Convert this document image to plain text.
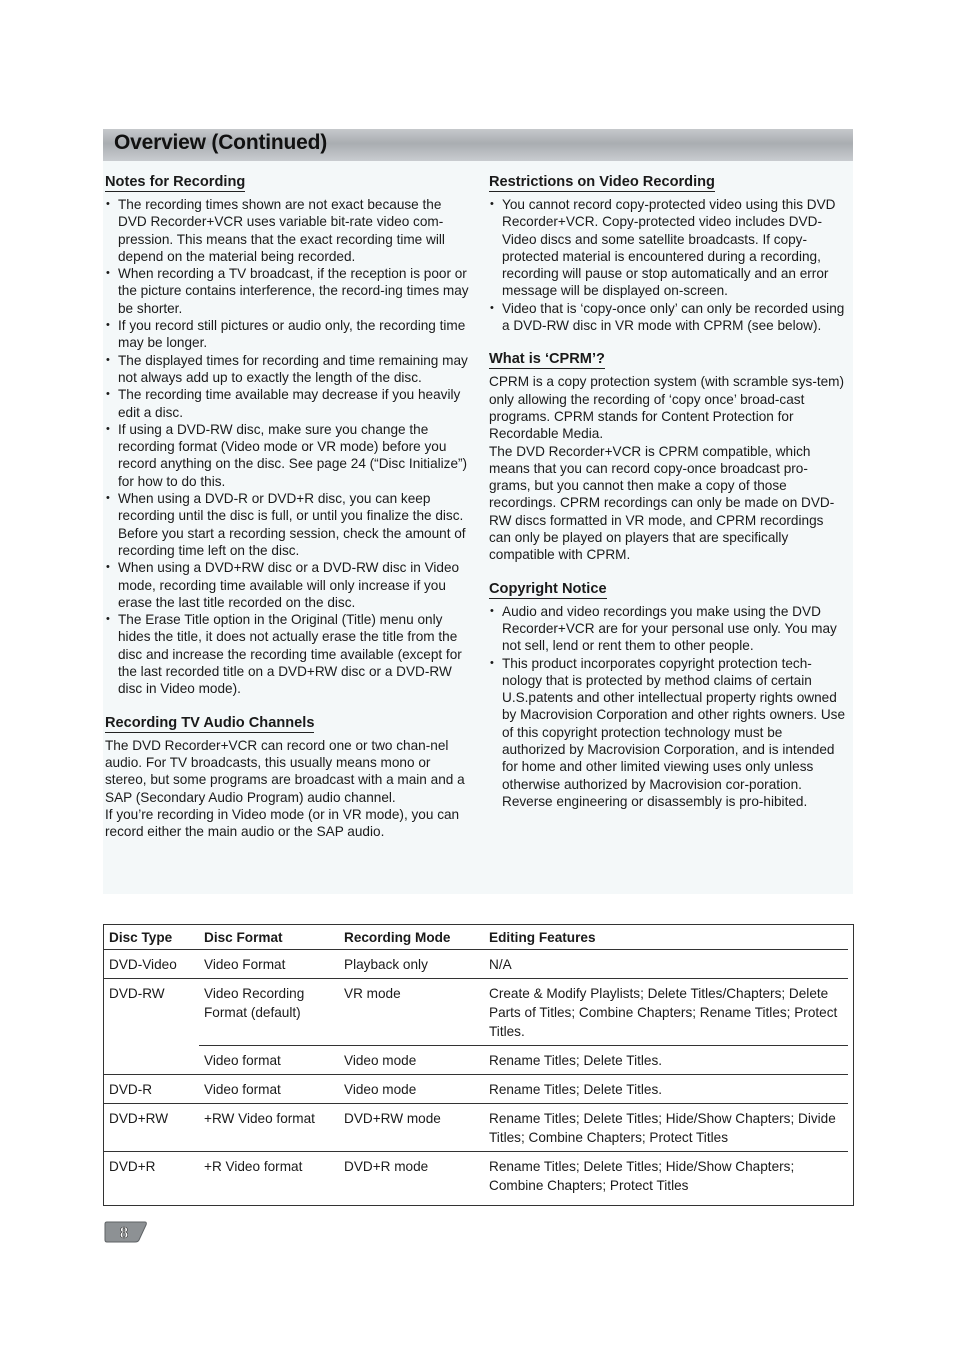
Overview (Continued)
Notes for Recording
• The recording times shown are not exact because the DVD Recorder+VCR uses variable bit-rate video com-pression. This means that the exact recording time will depend on the material being recorded.
• When recording a TV broadcast, if the reception is poor or the picture contains interference, the record-ing times may be shorter.
• If you record still pictures or audio only, the recording time may be longer.
• The displayed times for recording and time remaining may not always add up to exactly the length of the disc.
• The recording time available may decrease if you heavily edit a disc.
• If using a DVD-RW disc, make sure you change the recording format (Video mode or VR mode) before you record anything on the disc. See page 24 (“Disc Initialize”) for how to do this.
• When using a DVD-R or DVD+R disc, you can keep recording until the disc is full, or until you finalize the disc. Before you start a recording session, check the amount of recording time left on the disc.
• When using a DVD+RW disc or a DVD-RW disc in Video mode, recording time available will only increase if you erase the last title recorded on the disc.
• The Erase Title option in the Original (Title) menu only hides the title, it does not actually erase the title from the disc and increase the recording time available (except for the last recorded title on a DVD+RW disc or a DVD-RW disc in Video mode).
Recording TV Audio Channels

The DVD Recorder+VCR can record one or two chan-nel audio. For TV broadcasts, this usually means mono or stereo, but some programs are broadcast with a main and a SAP (Secondary Audio Program) audio channel.

If you’re recording in Video mode (or in VR mode), you can record either the main audio or the SAP audio.

Restrictions on Video Recording
• You cannot record copy-protected video using this DVD Recorder+VCR. Copy-protected video includes DVD-Video discs and some satellite broadcasts. If copy-protected material is encountered during a recording, recording will pause or stop automatically and an error message will be displayed on-screen.
• Video that is ‘copy-once only’ can only be recorded using a DVD-RW disc in VR mode with CPRM (see below).
What is ‘CPRM’?

CPRM is a copy protection system (with scramble sys-tem) only allowing the recording of ‘copy once’ broad-cast programs. CPRM stands for Content Protection for Recordable Media.

The DVD Recorder+VCR is CPRM compatible, which means that you can record copy-once broadcast pro-grams, but you cannot then make a copy of those recordings. CPRM recordings can only be made on DVD-RW discs formatted in VR mode, and CPRM recordings can only be played on players that are specifically compatible with CPRM.

Copyright Notice
• Audio and video recordings you make using the DVD Recorder+VCR are for your personal use only. You may not sell, lend or rent them to other people.
• This product incorporates copyright protection tech-nology that is protected by method claims of certain U.S.patents and other intellectual property rights owned by Macrovision Corporation and other rights owners. Use of this copyright protection technology must be authorized by Macrovision Corporation, and is intended for home and other limited viewing uses only unless otherwise authorized by Macrovision cor-poration. Reverse engineering or disassembly is pro-hibited.
Disc Type	Disc Format	Recording Mode	Editing Features
DVD-Video	Video Format	Playback only	N/A
DVD-RW	Video Recording Format (default)	VR mode	Create & Modify Playlists; Delete Titles/Chapters; Delete Parts of Titles; Combine Chapters; Rename Titles; Protect Titles.
	Video format	Video mode	Rename Titles; Delete Titles.
DVD-R	Video format	Video mode	Rename Titles; Delete Titles.
DVD+RW	+RW Video format	DVD+RW mode	Rename Titles; Delete Titles; Hide/Show Chapters; Divide Titles; Combine Chapters; Protect Titles
DVD+R	+R Video format	DVD+R mode	Rename Titles; Delete Titles; Hide/Show Chapters; Combine Chapters; Protect Titles
8
